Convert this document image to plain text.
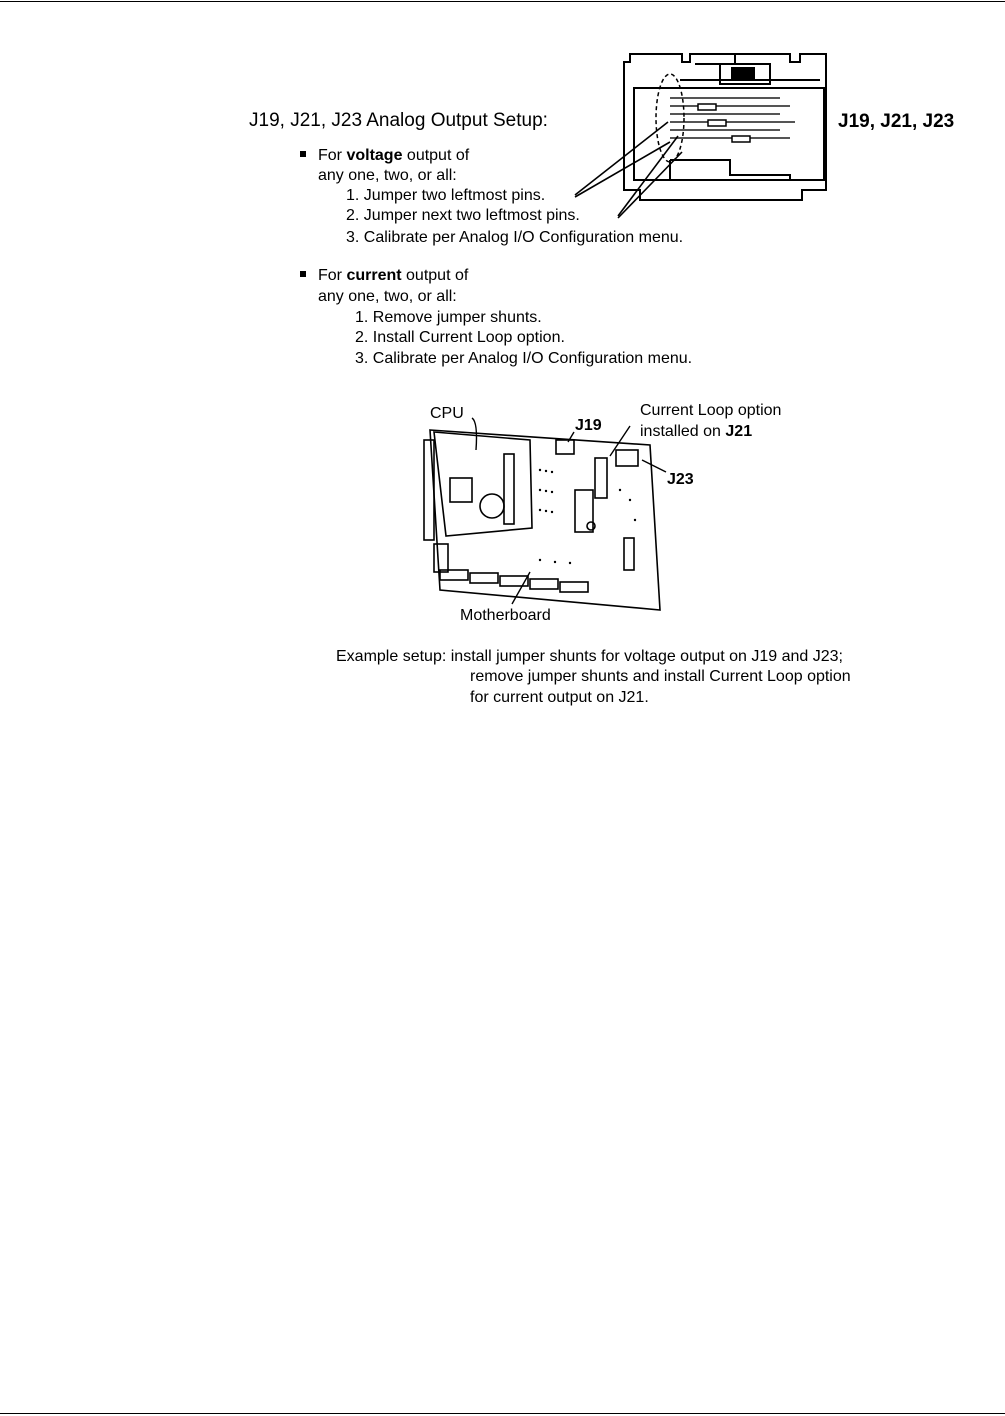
J19, J21, J23
J19, J21, J23 Analog Output Setup:
For voltage output of
any one, two, or all:
1. Jumper two leftmost pins.
2. Jumper next two leftmost pins.
3. Calibrate per Analog I/O Configuration menu.
For current output of
any one, two, or all:
1. Remove jumper shunts.
2. Install Current Loop option.
3. Calibrate per Analog I/O Configuration menu.
CPU
J19
Current Loop option
installed on J21
J23
Motherboard
Example setup: install jumper shunts for voltage output on J19 and J23;
remove jumper shunts and install Current Loop option
for current output on J21.
